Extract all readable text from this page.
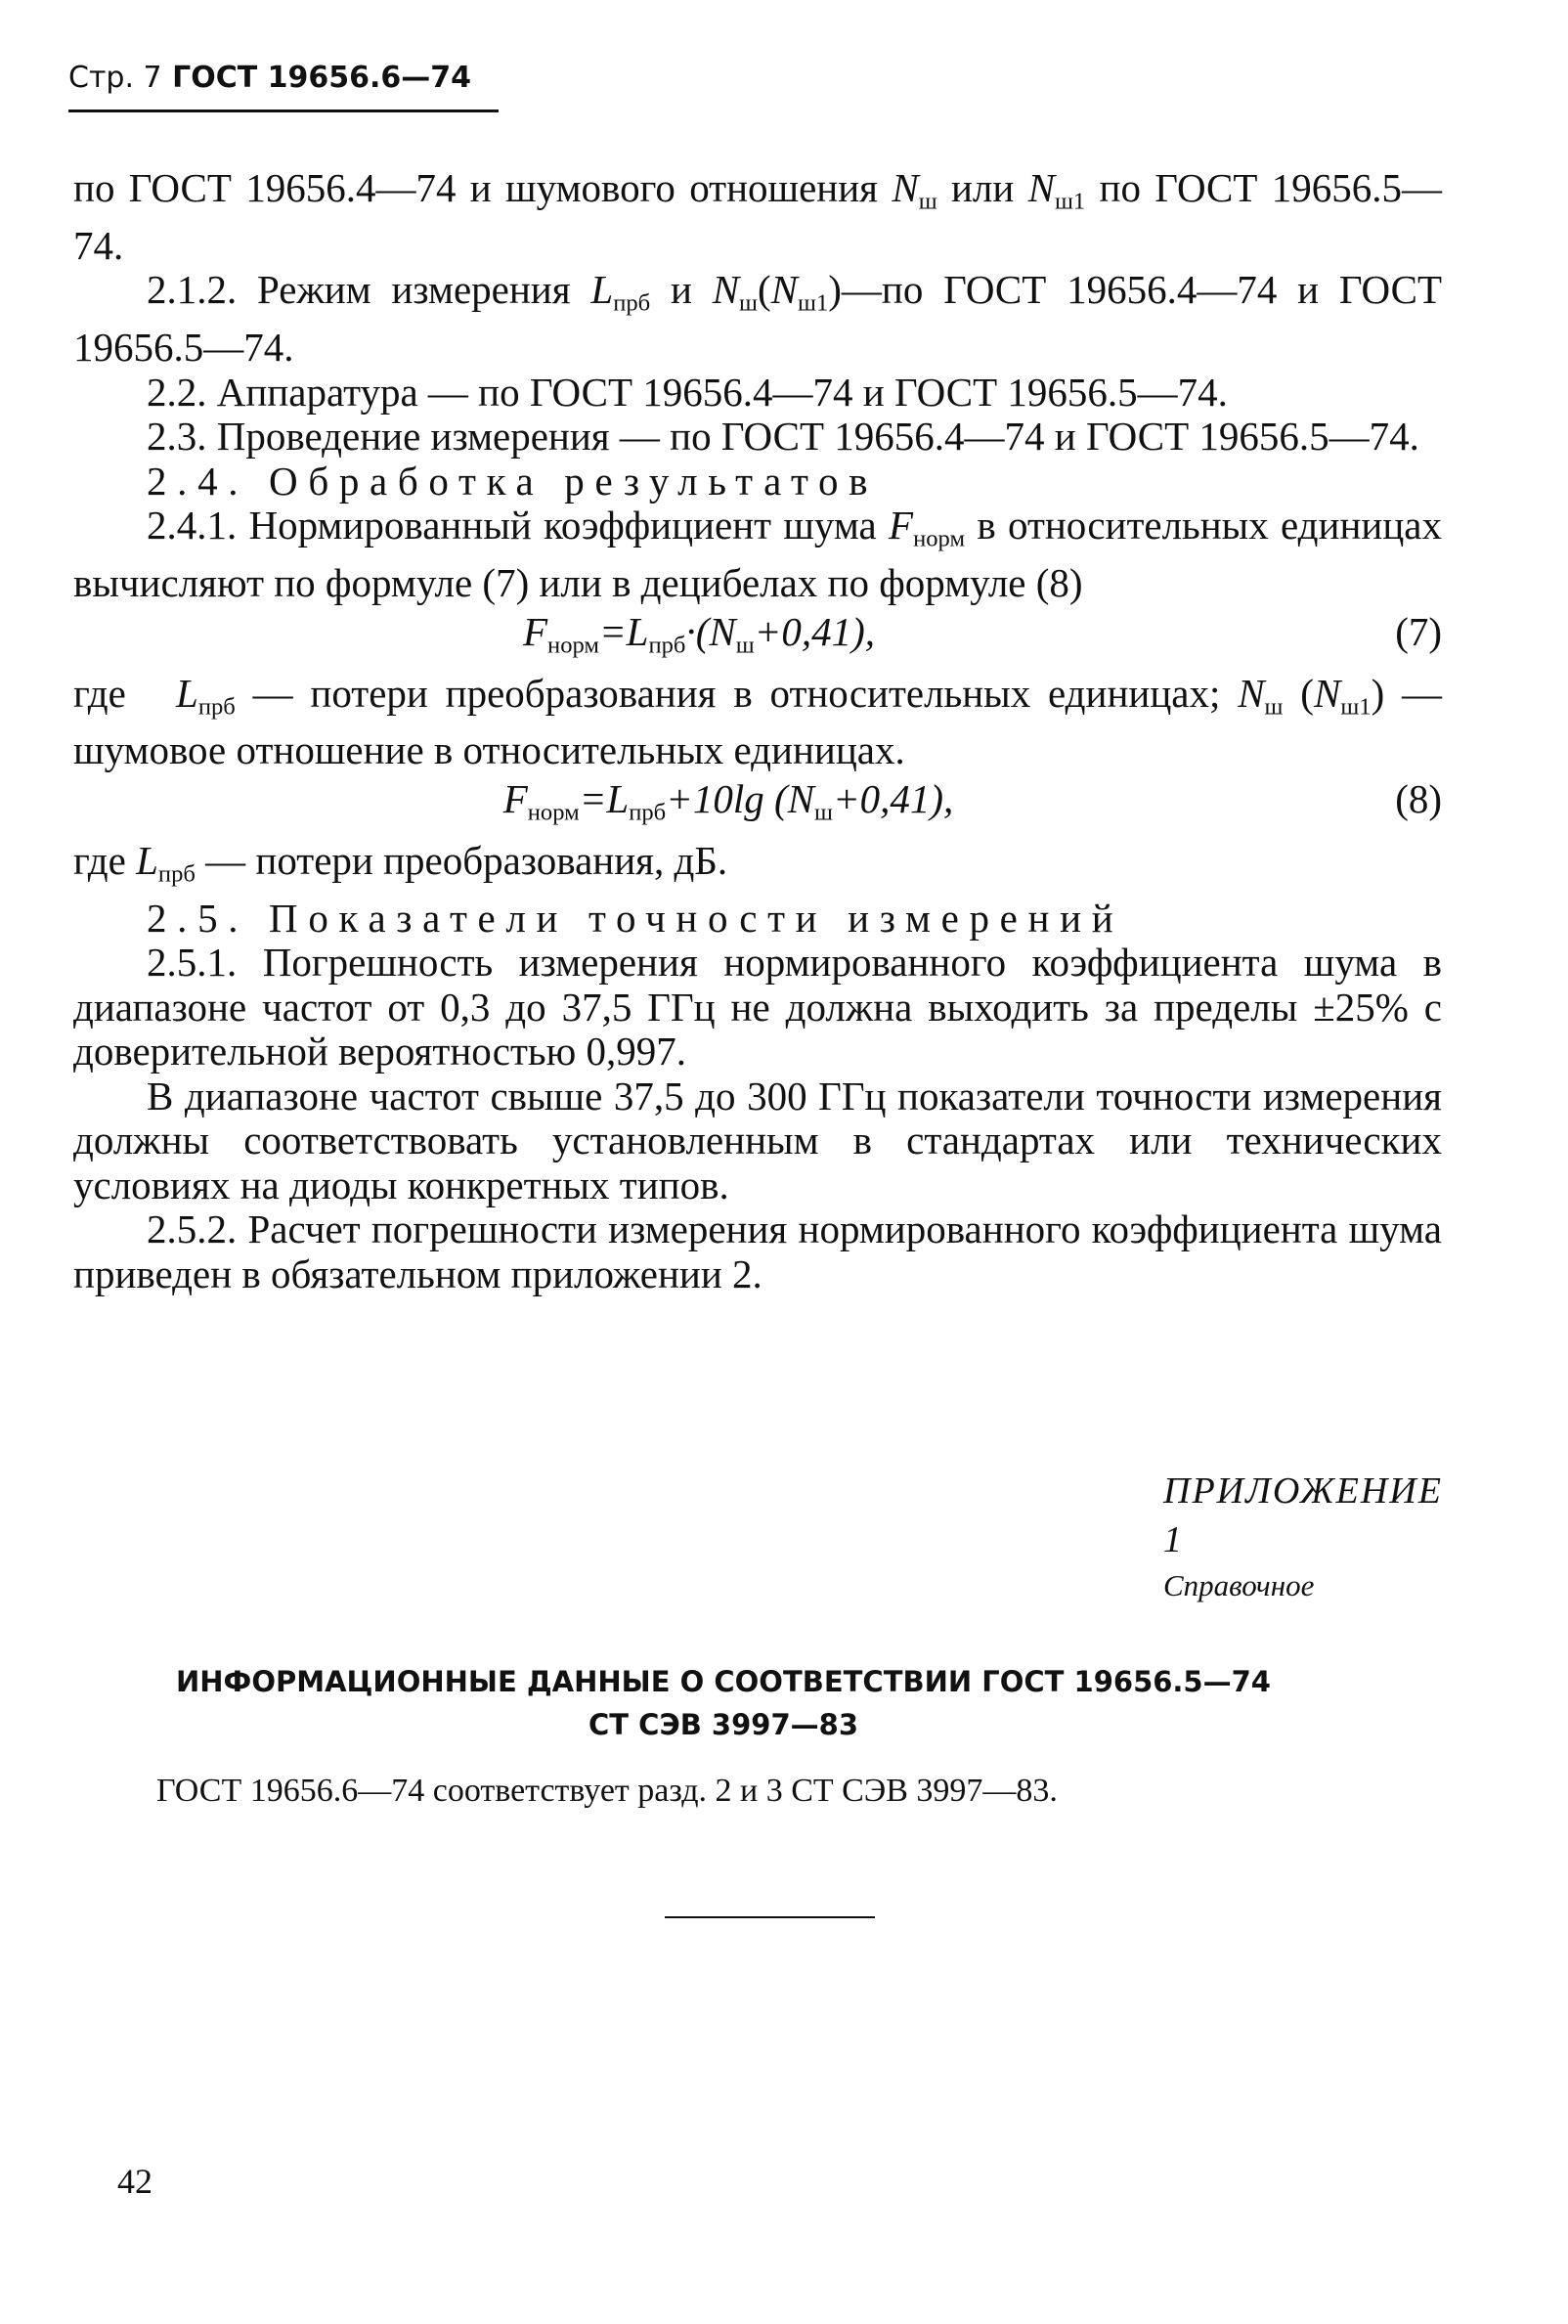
Стр. 7 ГОСТ 19656.6—74

по ГОСТ 19656.4—74 и шумового отношения $N_ш$ или $N_{ш1}$ по ГОСТ 19656.5—74.

2.1.2. Режим измерения $L_{прб}$ и $N_ш(N_{ш1})—по$ ГОСТ 19656.4—74 и ГОСТ 19656.5—74.

2.2. Аппаратура — по ГОСТ 19656.4—74 и ГОСТ 19656.5—74.

2.3. Проведение измерения — по ГОСТ 19656.4—74 и ГОСТ 19656.5—74.

2.4. Обработка результатов

2.4.1. Нормированный коэффициент шума $F_{норм}$ в относительных единицах вычисляют по формуле (7) или в децибелах по формуле (8)

$F_{норм}=L_{прб}\cdot(N_ш+0,41)$,	(7)

где $L_{прб}$ — потери преобразования в относительных единицах; $N_ш$ $(N_{ш1})$ — шумовое отношение в относительных единицах.

$F_{норм}=L_{прб}+10\lg$ $(N_ш+0,41)$,	(8)

где $L_{прб}$ — потери преобразования, дБ.

2.5. Показатели точности измерений

2.5.1. Погрешность измерения нормированного коэффициента шума в диапазоне частот от 0,3 до 37,5 ГГц не должна выходить за пределы ±25% с доверительной вероятностью 0,997.

В диапазоне частот свыше 37,5 до 300 ГГц показатели точности измерения должны соответствовать установленным в стандартах или технических условиях на диоды конкретных типов.

2.5.2. Расчет погрешности измерения нормированного коэффициента шума приведен в обязательном приложении 2.

ПРИЛОЖЕНИЕ 1
Справочное
ИНФОРМАЦИОННЫЕ ДАННЫЕ О СООТВЕТСТВИИ ГОСТ 19656.5—74
СТ СЭВ 3997—83
ГОСТ 19656.6—74 соответствует разд. 2 и 3 СТ СЭВ 3997—83.
42
